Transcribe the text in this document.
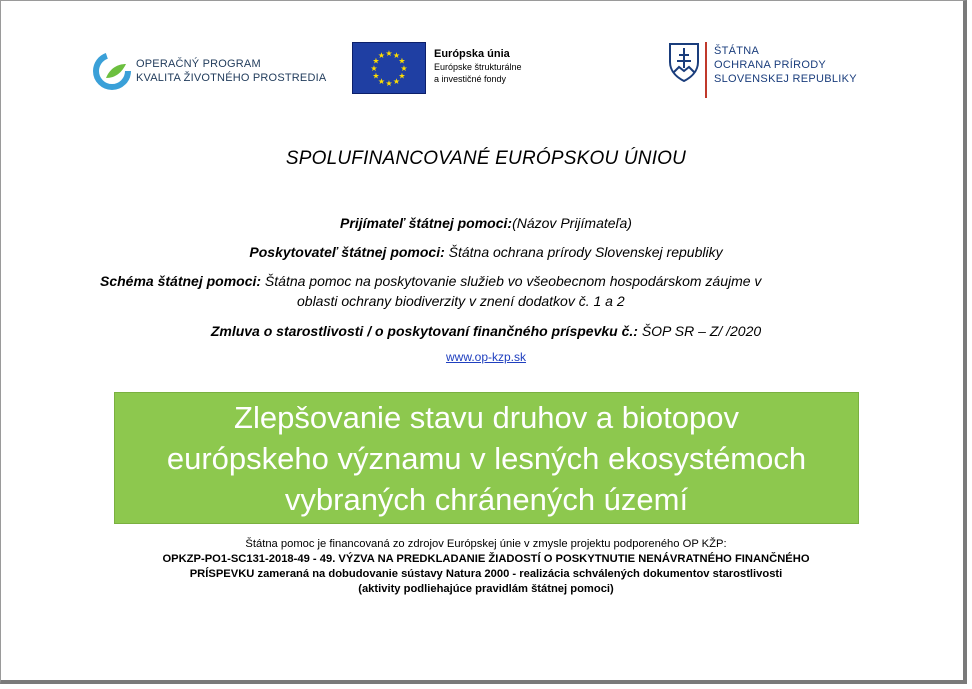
OPERAČNÝ PROGRAM
KVALITA ŽIVOTNÉHO PROSTREDIA
★ ★
★
★
★
★
★
★
★
★
★
★	Európska únia
Európske štrukturálne
a investičné fondy
ŠTÁTNA
OCHRANA PRÍRODY
SLOVENSKEJ REPUBLIKY
SPOLUFINANCOVANÉ EURÓPSKOU ÚNIOU
Prijímateľ štátnej pomoci:(Názov Prijímateľa)
Poskytovateľ štátnej pomoci: Štátna ochrana prírody Slovenskej republiky
Schéma štátnej pomoci: Štátna pomoc na poskytovanie služieb vo všeobecnom hospodárskom záujme v
oblasti ochrany biodiverzity v znení dodatkov č. 1 a 2
Zmluva o starostlivosti / o poskytovaní finančného príspevku č.: ŠOP SR – Z/ /2020
www.op-kzp.sk
Zlepšovanie stavu druhov a biotopov
európskeho významu v lesných ekosystémoch
vybraných chránených území
Štátna pomoc je financovaná zo zdrojov Európskej únie v zmysle projektu podporeného OP KŽP:
OPKZP-PO1-SC131-2018-49 - 49. VÝZVA NA PREDKLADANIE ŽIADOSTÍ O POSKYTNUTIE NENÁVRATNÉHO FINANČNÉHO
PRÍSPEVKU zameraná na dobudovanie sústavy Natura 2000 - realizácia schválených dokumentov starostlivosti
(aktivity podliehajúce pravidlám štátnej pomoci)
